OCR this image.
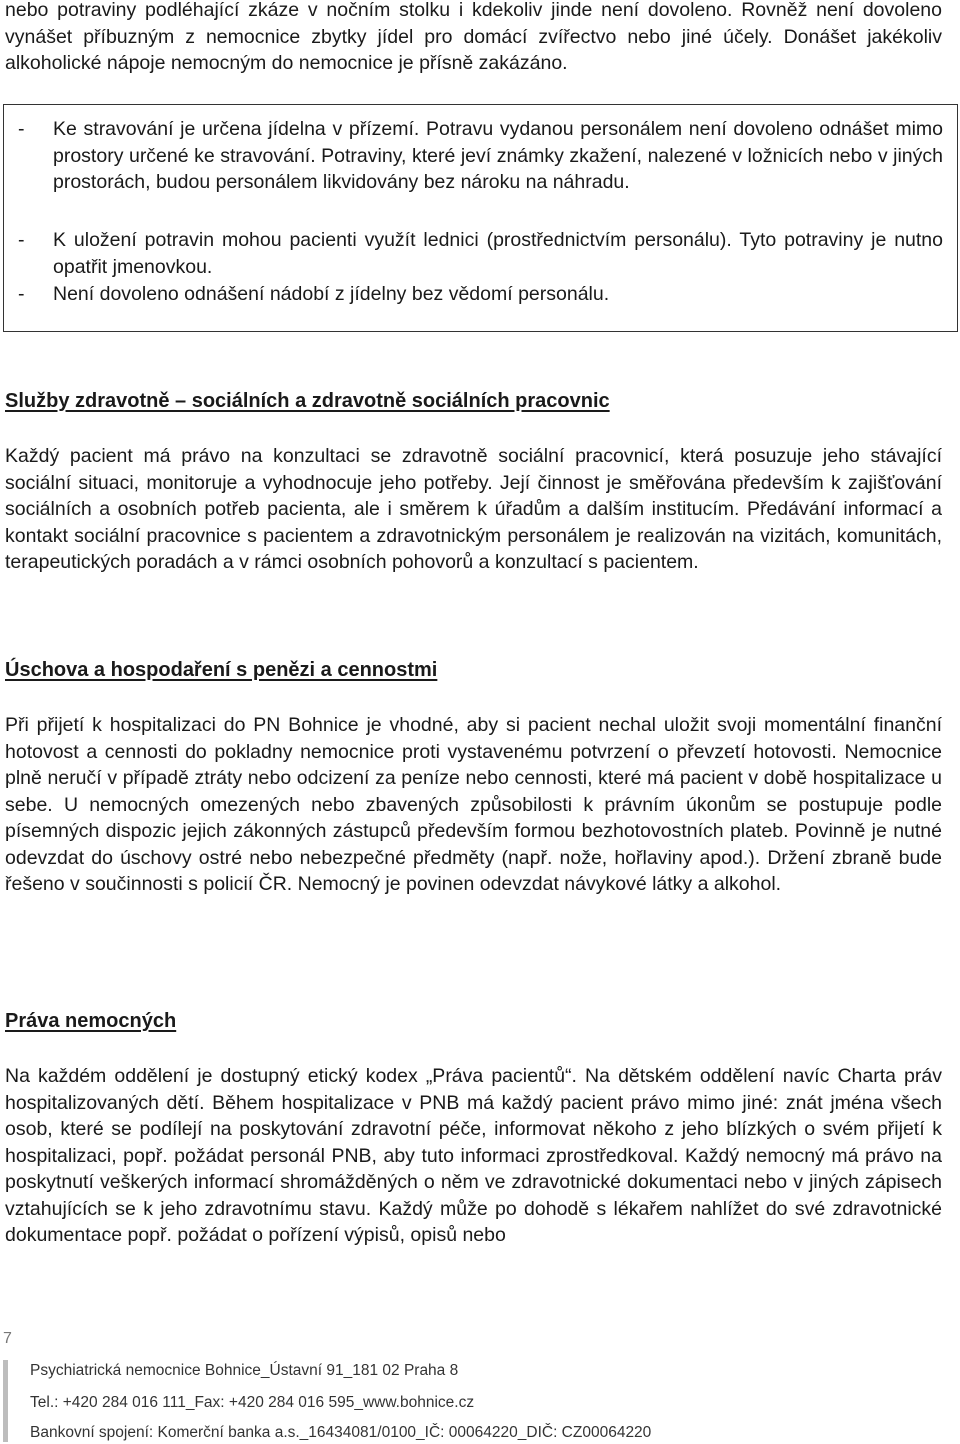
nebo potraviny podléhající zkáze v nočním stolku i kdekoliv jinde není dovoleno. Rovněž není dovoleno vynášet příbuzným z nemocnice zbytky jídel pro domácí zvířectvo nebo jiné účely. Donášet jakékoliv alkoholické nápoje nemocným do nemocnice je přísně zakázáno.

- Ke stravování je určena jídelna v přízemí. Potravu vydanou personálem není dovoleno odnášet mimo prostory určené ke stravování. Potraviny, které jeví známky zkažení, nalezené v ložnicích nebo v jiných prostorách, budou personálem likvidovány bez nároku na náhradu.
- K uložení potravin mohou pacienti využít lednici (prostřednictvím personálu). Tyto potraviny je nutno opatřit jmenovkou.
- Není dovoleno odnášení nádobí z jídelny bez vědomí personálu.
Služby zdravotně – sociálních a zdravotně sociálních pracovnic

Každý pacient má právo na konzultaci se zdravotně sociální pracovnicí, která posuzuje jeho stávající sociální situaci, monitoruje a vyhodnocuje jeho potřeby. Její činnost je směřována především k zajišťování sociálních a osobních potřeb pacienta, ale i směrem k úřadům a dalším institucím. Předávání informací a kontakt sociální pracovnice s pacientem a zdravotnickým personálem je realizován na vizitách, komunitách, terapeutických poradách a v rámci osobních pohovorů a konzultací s pacientem.

Úschova a hospodaření s penězi a cennostmi

Při přijetí k hospitalizaci do PN Bohnice je vhodné, aby si pacient nechal uložit svoji momentální finanční hotovost a cennosti do pokladny nemocnice proti vystavenému potvrzení o převzetí hotovosti. Nemocnice plně neručí v případě ztráty nebo odcizení za peníze nebo cennosti, které má pacient v době hospitalizace u sebe. U nemocných omezených nebo zbavených způsobilosti k právním úkonům se postupuje podle písemných dispozic jejich zákonných zástupců především formou bezhotovostních plateb. Povinně je nutné odevzdat do úschovy ostré nebo nebezpečné předměty (např. nože, hořlaviny apod.). Držení zbraně bude řešeno v součinnosti s policií ČR. Nemocný je povinen odevzdat návykové látky a alkohol.

Práva nemocných

Na každém oddělení je dostupný etický kodex „Práva pacientů“. Na dětském oddělení navíc Charta práv hospitalizovaných dětí. Během hospitalizace v PNB má každý pacient právo mimo jiné: znát jména všech osob, které se podílejí na poskytování zdravotní péče, informovat někoho z jeho blízkých o svém přijetí k hospitalizaci, popř. požádat personál PNB, aby tuto informaci zprostředkoval. Každý nemocný má právo na poskytnutí veškerých informací shromážděných o něm ve zdravotnické dokumentaci nebo v jiných zápisech vztahujících se k jeho zdravotnímu stavu. Každý může po dohodě s lékařem nahlížet do své zdravotnické dokumentace popř. požádat o pořízení výpisů, opisů nebo

7
Psychiatrická nemocnice Bohnice_Ústavní 91_181 02 Praha 8
Tel.: +420 284 016 111_Fax: +420 284 016 595_www.bohnice.cz
Bankovní spojení: Komerční banka a.s._16434081/0100_IČ: 00064220_DIČ: CZ00064220
